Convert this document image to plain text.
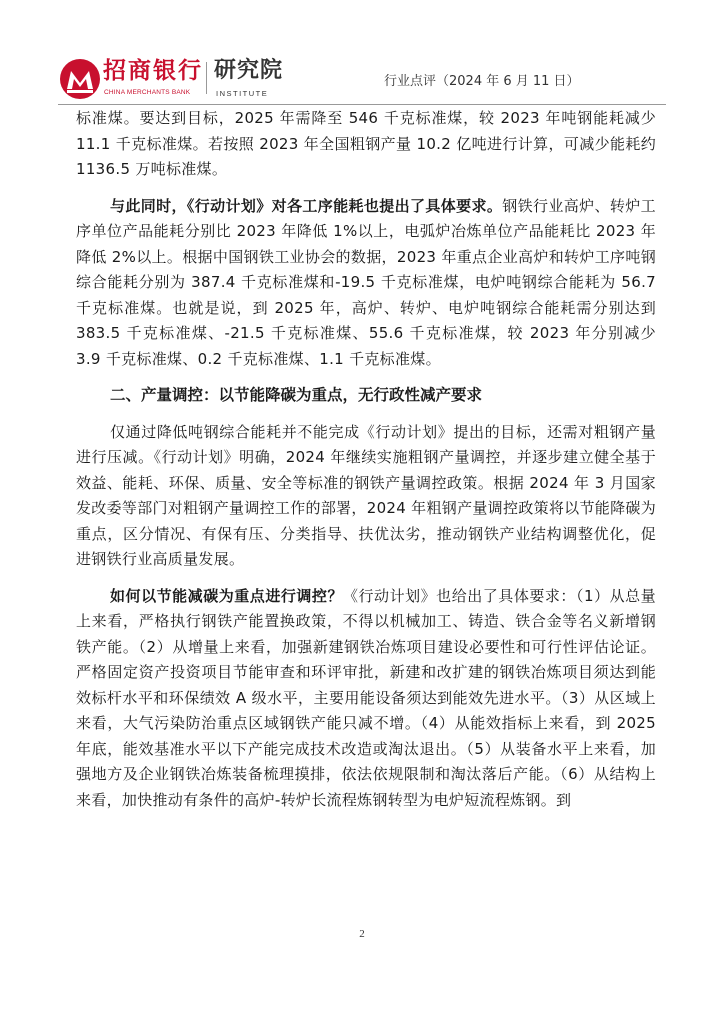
招商银行
CHINA MERCHANTS BANK
研究院
INSTITUTE
行业点评（2024 年 6 月 11 日）

标准煤。要达到目标，2025 年需降至 546 千克标准煤，较 2023 年吨钢能耗减少 11.1 千克标准煤。若按照 2023 年全国粗钢产量 10.2 亿吨进行计算，可减少能耗约 1136.5 万吨标准煤。

与此同时，《行动计划》对各工序能耗也提出了具体要求。钢铁行业高炉、转炉工序单位产品能耗分别比 2023 年降低 1%以上，电弧炉冶炼单位产品能耗比 2023 年降低 2%以上。根据中国钢铁工业协会的数据，2023 年重点企业高炉和转炉工序吨钢综合能耗分别为 387.4 千克标准煤和-19.5 千克标准煤，电炉吨钢综合能耗为 56.7 千克标准煤。也就是说，到 2025 年，高炉、转炉、电炉吨钢综合能耗需分别达到 383.5 千克标准煤、-21.5 千克标准煤、55.6 千克标准煤，较 2023 年分别减少 3.9 千克标准煤、0.2 千克标准煤、1.1 千克标准煤。

二、产量调控：以节能降碳为重点，无行政性减产要求

仅通过降低吨钢综合能耗并不能完成《行动计划》提出的目标，还需对粗钢产量进行压减。《行动计划》明确，2024 年继续实施粗钢产量调控，并逐步建立健全基于效益、能耗、环保、质量、安全等标准的钢铁产量调控政策。根据 2024 年 3 月国家发改委等部门对粗钢产量调控工作的部署，2024 年粗钢产量调控政策将以节能降碳为重点，区分情况、有保有压、分类指导、扶优汰劣，推动钢铁产业结构调整优化，促进钢铁行业高质量发展。

如何以节能减碳为重点进行调控？《行动计划》也给出了具体要求：（1）从总量上来看，严格执行钢铁产能置换政策，不得以机械加工、铸造、铁合金等名义新增钢铁产能。（2）从增量上来看，加强新建钢铁冶炼项目建设必要性和可行性评估论证。严格固定资产投资项目节能审查和环评审批，新建和改扩建的钢铁冶炼项目须达到能效标杆水平和环保绩效 A 级水平，主要用能设备须达到能效先进水平。（3）从区域上来看，大气污染防治重点区域钢铁产能只减不增。（4）从能效指标上来看，到 2025 年底，能效基准水平以下产能完成技术改造或淘汰退出。（5）从装备水平上来看，加强地方及企业钢铁冶炼装备梳理摸排，依法依规限制和淘汰落后产能。（6）从结构上来看，加快推动有条件的高炉-转炉长流程炼钢转型为电炉短流程炼钢。到

2
